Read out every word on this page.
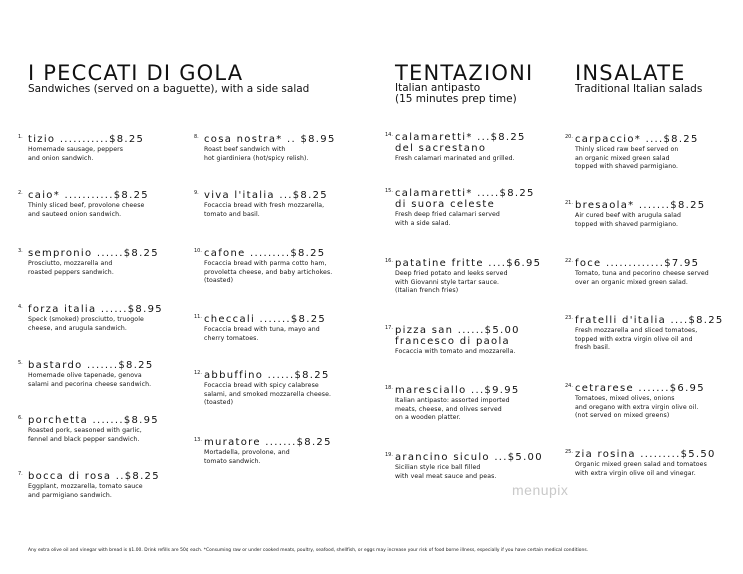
I PECCATI DI GOLA
Sandwiches (served on a baguette), with a side salad
TENTAZIONI
Italian antipasto
(15 minutes prep time)
INSALATE
Traditional Italian salads
1. tizio ...........$8.25
Homemade sausage, peppers
and onion sandwich.
2. caio* ...........$8.25
Thinly sliced beef, provolone cheese
and sauteed onion sandwich.
3. sempronio ......$8.25
Prosciutto, mozzarella and
roasted peppers sandwich.
4. forza italia ......$8.95
Speck (smoked) prosciutto, truogole
cheese, and arugula sandwich.
5. bastardo .......$8.25
Homemade olive tapenade, genova
salami and pecorina cheese sandwich.
6. porchetta .......$8.95
Roasted pork, seasoned with garlic,
fennel and black pepper sandwich.
7. bocca di rosa ..$8.25
Eggplant, mozzarella, tomato sauce
and parmigiano sandwich.
8. cosa nostra* .. $8.95
Roast beef sandwich with
hot giardiniera (hot/spicy relish).
9. viva l'italia ...$8.25
Focaccia bread with fresh mozzarella,
tomato and basil.
10. cafone .........$8.25
Focaccia bread with parma cotto ham,
provoletta cheese, and baby artichokes.
(toasted)
11. checcali .......$8.25
Focaccia bread with tuna, mayo and
cherry tomatoes.
12. abbuffino ......$8.25
Focaccia bread with spicy calabrese
salami, and smoked mozzarella cheese.
(toasted)
13. muratore .......$8.25
Mortadella, provolone, and
tomato sandwich.
14. calamaretti* ...$8.25
del sacrestano
Fresh calamari marinated and grilled.
15. calamaretti* .....$8.25
di suora celeste
Fresh deep fried calamari served
with a side salad.
16. patatine fritte ....$6.95
Deep fried potato and leeks served
with Giovanni style tartar sauce.
(Italian french fries)
17. pizza san ......$5.00
francesco di paola
Focaccia with tomato and mozzarella.
18. maresciallo ...$9.95
Italian antipasto: assorted imported
meats, cheese, and olives served
on a wooden platter.
19. arancino siculo ...$5.00
Sicilian style rice ball filled
with veal meat sauce and peas.
20. carpaccio* ....$8.25
Thinly sliced raw beef served on
an organic mixed green salad
topped with shaved parmigiano.
21. bresaola* .......$8.25
Air cured beef with arugula salad
topped with shaved parmigiano.
22. foce .............$7.95
Tomato, tuna and pecorino cheese served
over an organic mixed green salad.
23. fratelli d'italia ....$8.25
Fresh mozzarella and sliced tomatoes,
topped with extra virgin olive oil and
fresh basil.
24. cetrarese .......$6.95
Tomatoes, mixed olives, onions
and oregano with extra virgin olive oil.
(not served on mixed greens)
25. zia rosina .........$5.50
Organic mixed green salad and tomatoes
with extra virgin olive oil and vinegar.
menupix
Any extra olive oil and vinegar with bread is $1.00. Drink refills are 50¢ each. *Consuming raw or under cooked meats, poultry, seafood, shellfish, or eggs may increase your risk of food borne illness, especially if you have certain medical conditions.
